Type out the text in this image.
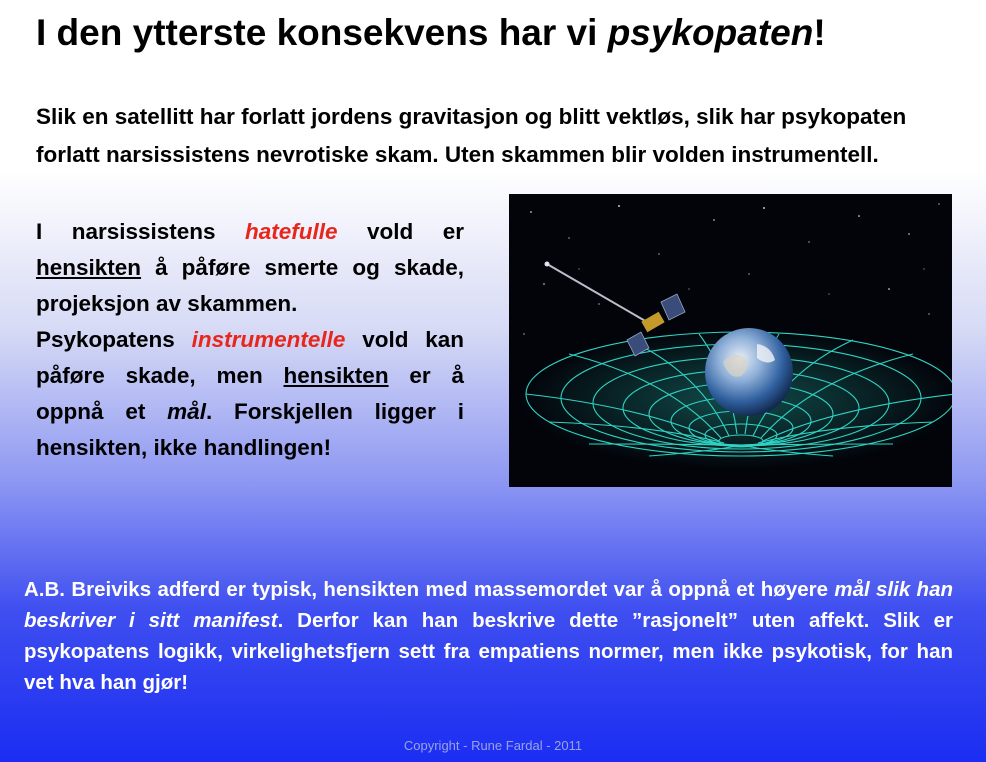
I den ytterste konsekvens har vi psykopaten!
Slik en satellitt har forlatt jordens gravitasjon og blitt vektløs, slik har psykopaten forlatt narsissistens nevrotiske skam. Uten skammen blir volden instrumentell.
I narsissistens hatefulle vold er hensikten å påføre smerte og skade, projeksjon av skammen.
Psykopatens instrumentelle vold kan påføre skade, men hensikten er å oppnå et mål. Forskjellen ligger i hensikten, ikke handlingen!
A.B. Breiviks adferd er typisk, hensikten med massemordet var å oppnå et høyere mål slik han beskriver i sitt manifest. Derfor kan han beskrive dette ”rasjonelt” uten affekt. Slik er psykopatens logikk, virkelighetsfjern sett fra empatiens normer, men ikke psykotisk, for han vet hva han gjør!
Copyright - Rune Fardal - 2011
